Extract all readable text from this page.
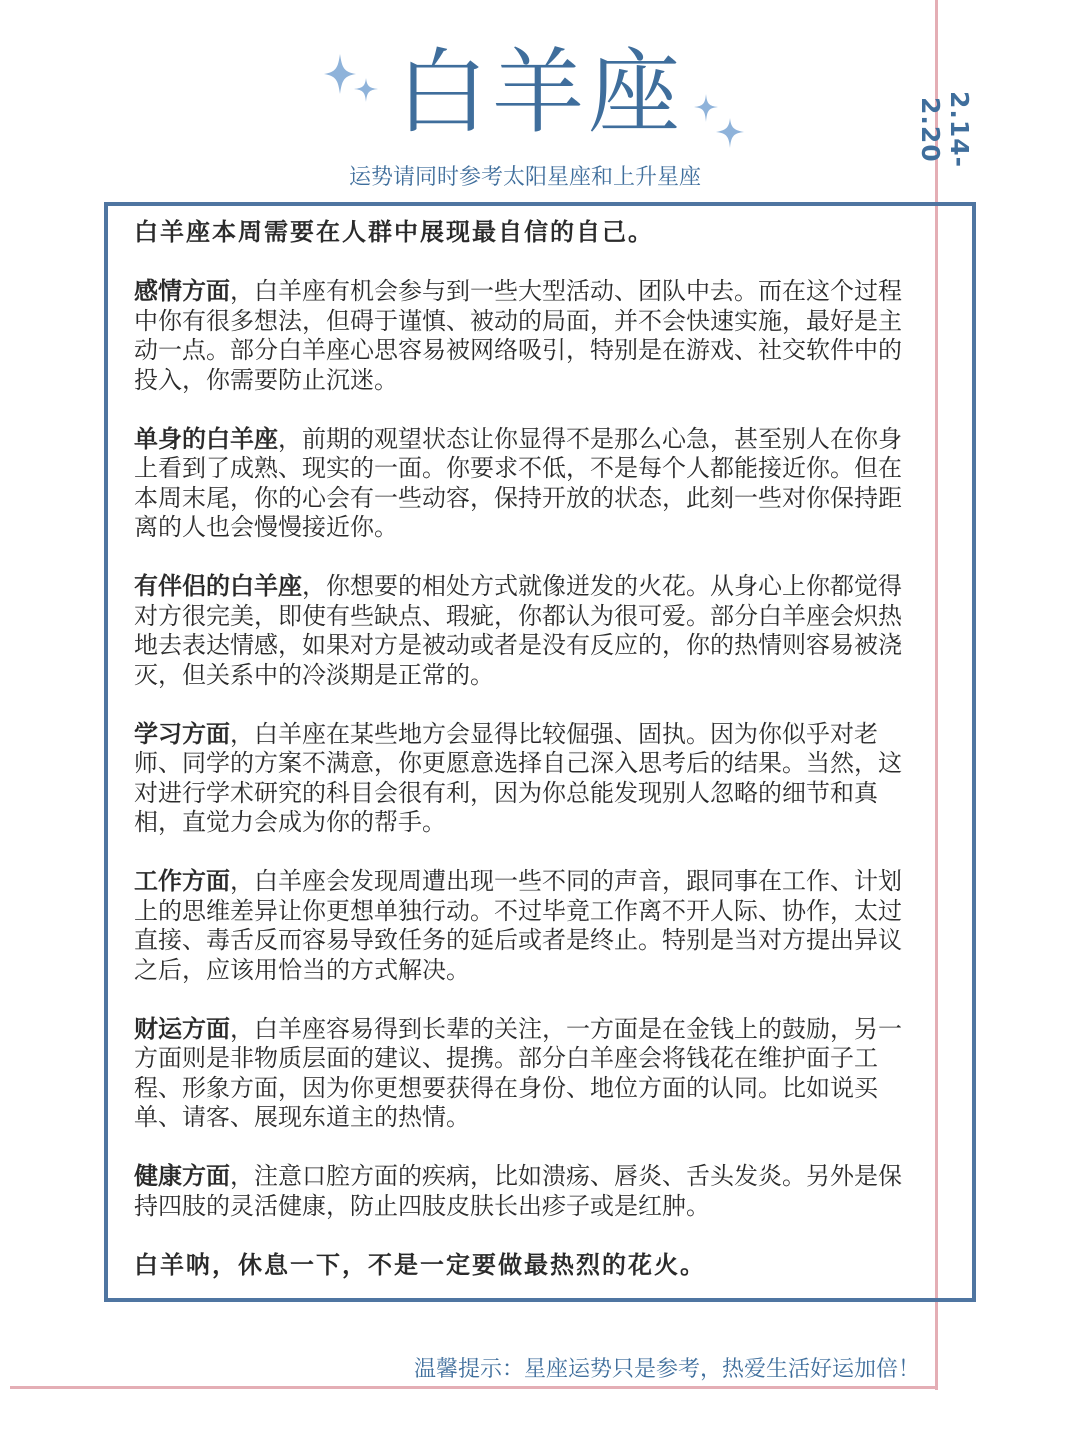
白羊座
运势请同时参考太阳星座和上升星座
2.14-2.20

白羊座本周需要在人群中展现最自信的自己。

感情方面，白羊座有机会参与到一些大型活动、团队中去。而在这个过程中你有很多想法，但碍于谨慎、被动的局面，并不会快速实施，最好是主动一点。部分白羊座心思容易被网络吸引，特别是在游戏、社交软件中的投入，你需要防止沉迷。

单身的白羊座，前期的观望状态让你显得不是那么心急，甚至别人在你身上看到了成熟、现实的一面。你要求不低，不是每个人都能接近你。但在本周末尾，你的心会有一些动容，保持开放的状态，此刻一些对你保持距离的人也会慢慢接近你。

有伴侣的白羊座，你想要的相处方式就像迸发的火花。从身心上你都觉得对方很完美，即使有些缺点、瑕疵，你都认为很可爱。部分白羊座会炽热地去表达情感，如果对方是被动或者是没有反应的，你的热情则容易被浇灭，但关系中的冷淡期是正常的。

学习方面，白羊座在某些地方会显得比较倔强、固执。因为你似乎对老师、同学的方案不满意，你更愿意选择自己深入思考后的结果。当然，这对进行学术研究的科目会很有利，因为你总能发现别人忽略的细节和真相，直觉力会成为你的帮手。

工作方面，白羊座会发现周遭出现一些不同的声音，跟同事在工作、计划上的思维差异让你更想单独行动。不过毕竟工作离不开人际、协作，太过直接、毒舌反而容易导致任务的延后或者是终止。特别是当对方提出异议之后，应该用恰当的方式解决。

财运方面，白羊座容易得到长辈的关注，一方面是在金钱上的鼓励，另一方面则是非物质层面的建议、提携。部分白羊座会将钱花在维护面子工程、形象方面，因为你更想要获得在身份、地位方面的认同。比如说买单、请客、展现东道主的热情。

健康方面，注意口腔方面的疾病，比如溃疡、唇炎、舌头发炎。另外是保持四肢的灵活健康，防止四肢皮肤长出疹子或是红肿。

白羊呐，休息一下，不是一定要做最热烈的花火。

温馨提示：星座运势只是参考，热爱生活好运加倍！
